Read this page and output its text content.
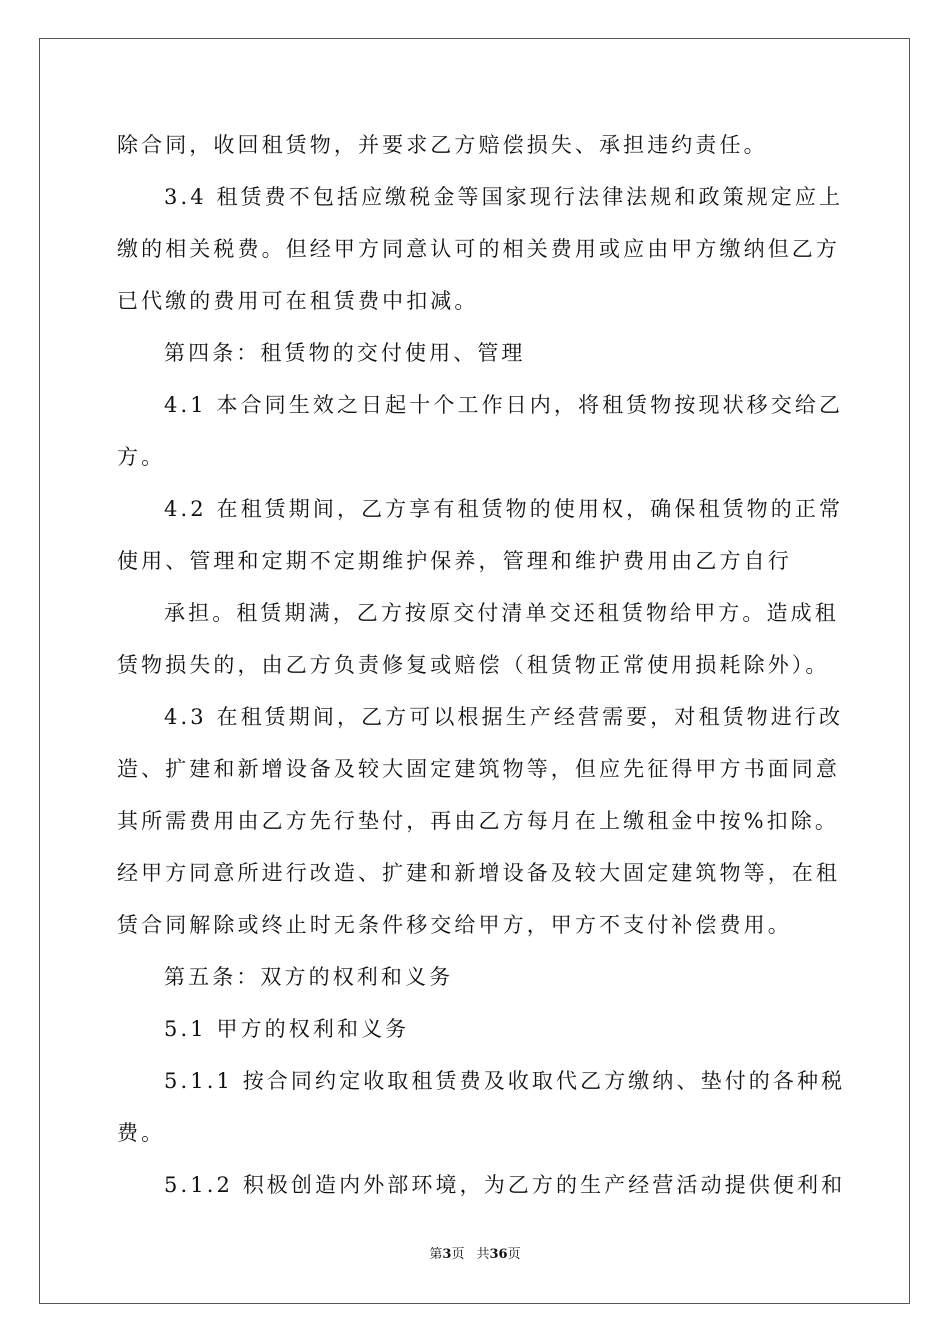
除合同，收回租赁物，并要求乙方赔偿损失、承担违约责任。
3.4 租赁费不包括应缴税金等国家现行法律法规和政策规定应上
缴的相关税费。但经甲方同意认可的相关费用或应由甲方缴纳但乙方
已代缴的费用可在租赁费中扣减。
第四条：租赁物的交付使用、管理
4.1 本合同生效之日起十个工作日内，将租赁物按现状移交给乙
方。
4.2 在租赁期间，乙方享有租赁物的使用权，确保租赁物的正常
使用、管理和定期不定期维护保养，管理和维护费用由乙方自行
承担。租赁期满，乙方按原交付清单交还租赁物给甲方。造成租
赁物损失的，由乙方负责修复或赔偿（租赁物正常使用损耗除外）。
4.3 在租赁期间，乙方可以根据生产经营需要，对租赁物进行改
造、扩建和新增设备及较大固定建筑物等，但应先征得甲方书面同意
其所需费用由乙方先行垫付，再由乙方每月在上缴租金中按%扣除。
经甲方同意所进行改造、扩建和新增设备及较大固定建筑物等，在租
赁合同解除或终止时无条件移交给甲方，甲方不支付补偿费用。
第五条：双方的权利和义务
5.1 甲方的权利和义务
5.1.1 按合同约定收取租赁费及收取代乙方缴纳、垫付的各种税
费。
5.1.2 积极创造内外部环境，为乙方的生产经营活动提供便利和
第3页 共36页
